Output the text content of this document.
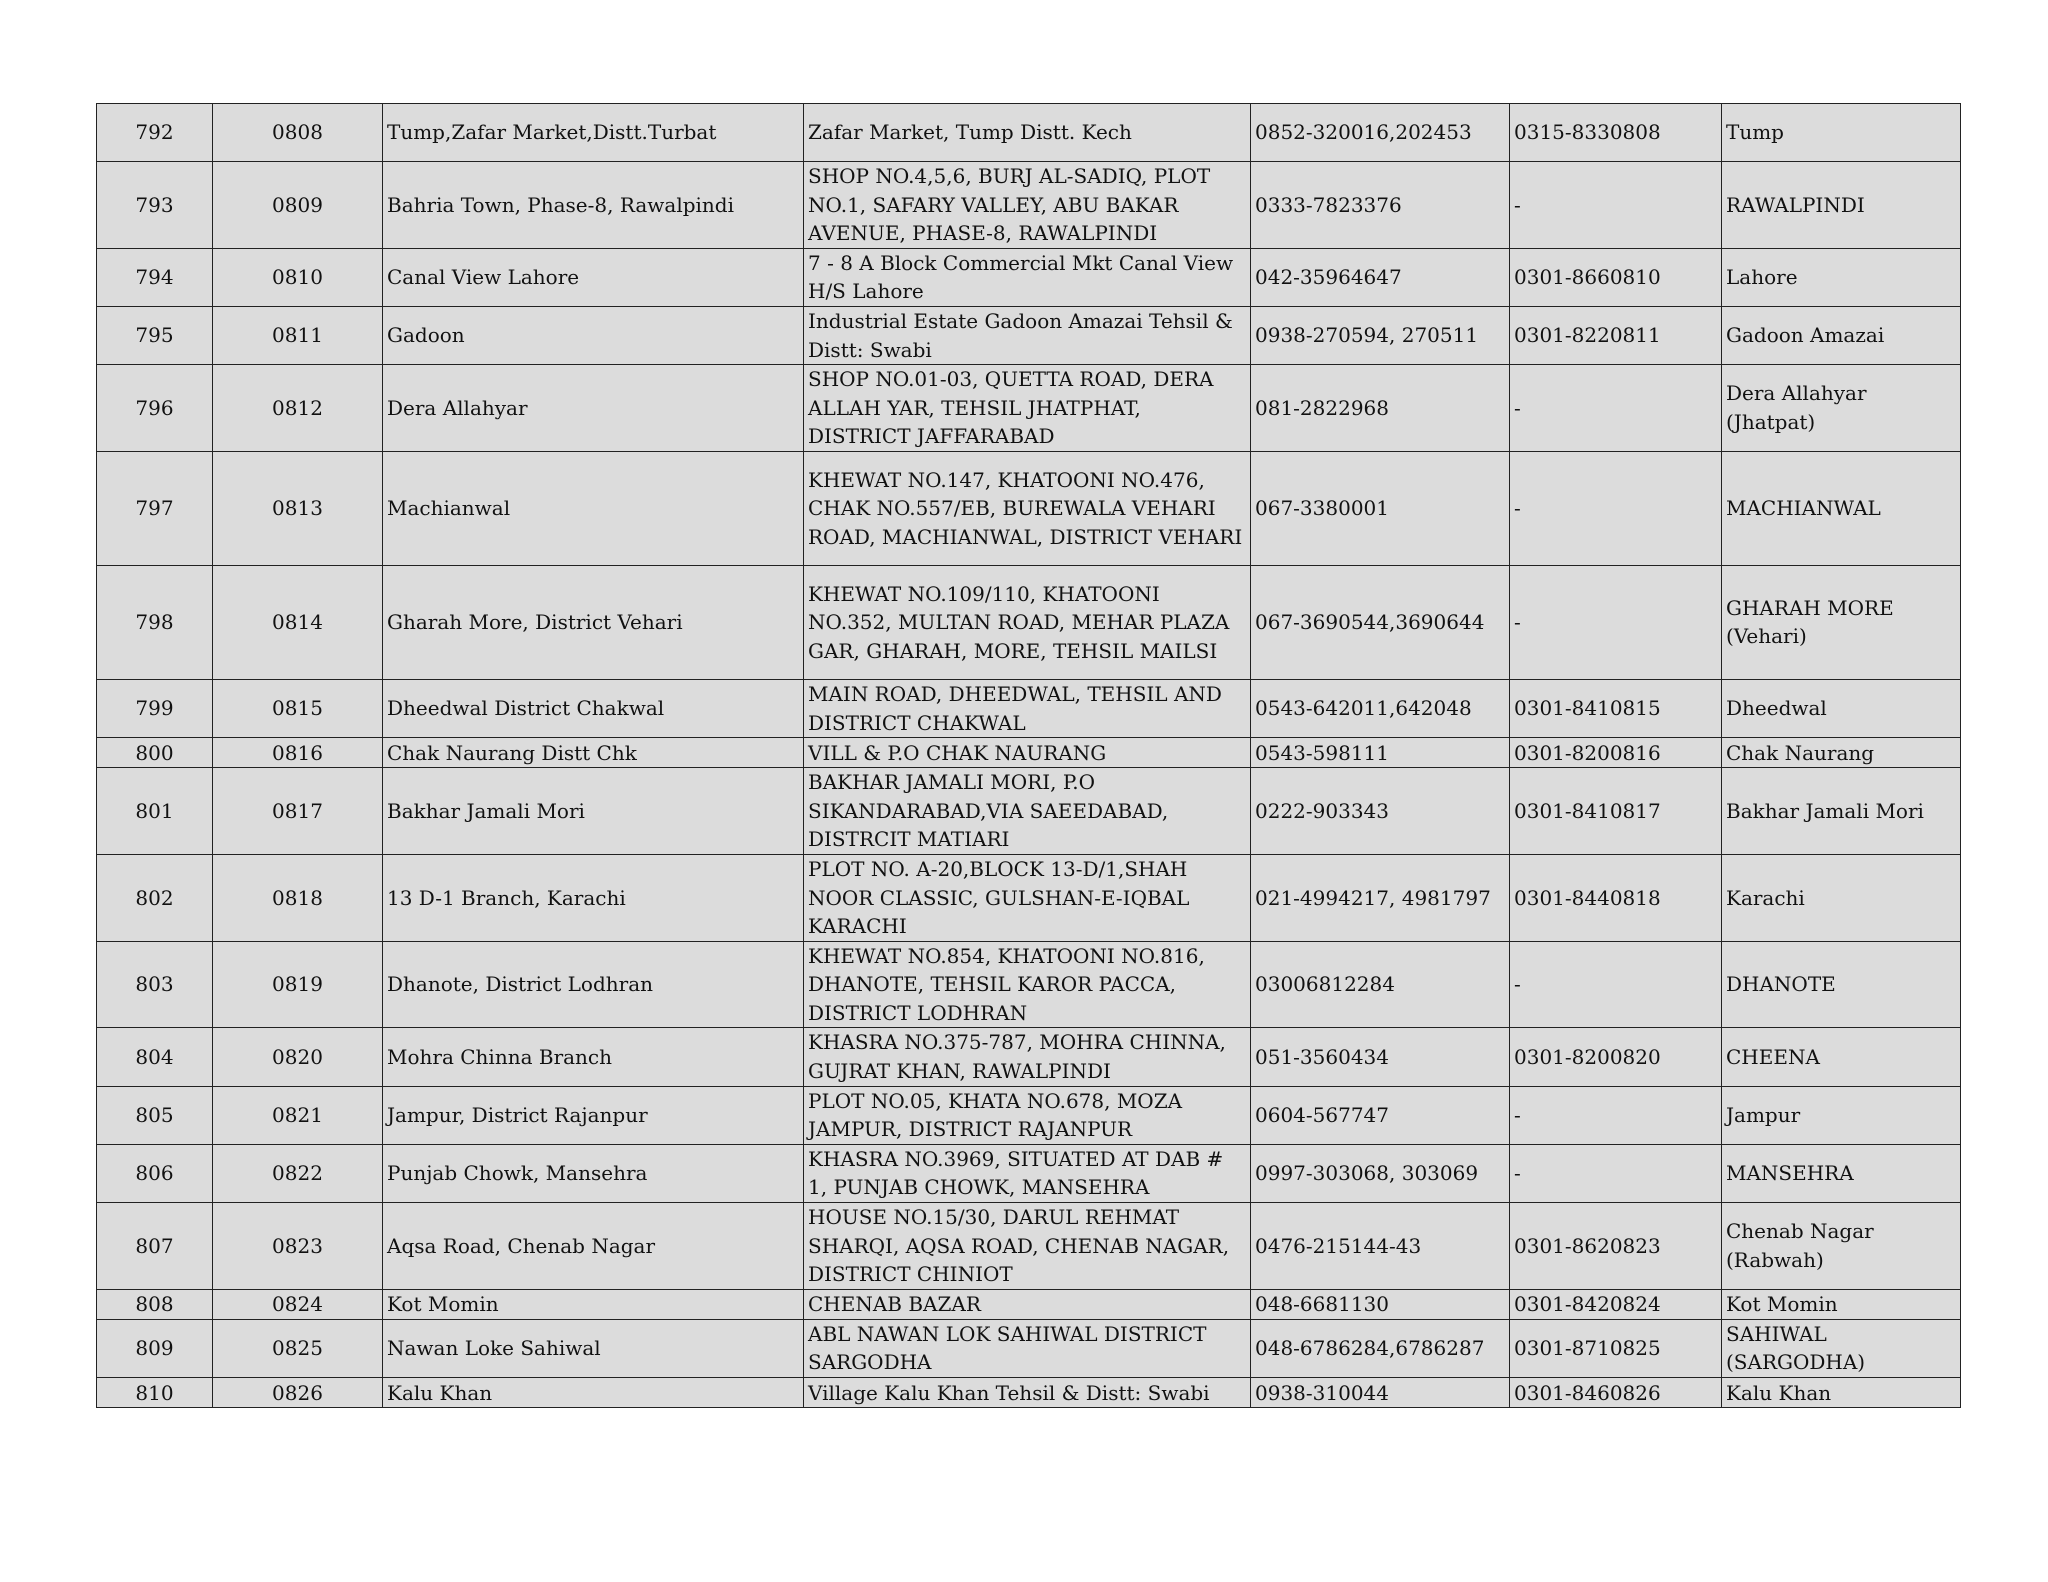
792	0808	Tump,Zafar Market,Distt.Turbat	Zafar Market, Tump Distt. Kech	0852-320016,202453	0315-8330808	Tump
793	0809	Bahria Town, Phase-8, Rawalpindi	SHOP NO.4,5,6, BURJ AL-SADIQ, PLOT NO.1, SAFARY VALLEY, ABU BAKAR AVENUE, PHASE-8, RAWALPINDI	0333-7823376	-	RAWALPINDI
794	0810	Canal View Lahore	7 - 8 A Block Commercial Mkt Canal View H/S Lahore	042-35964647	0301-8660810	Lahore
795	0811	Gadoon	Industrial Estate Gadoon Amazai Tehsil & Distt: Swabi	0938-270594, 270511	0301-8220811	Gadoon Amazai
796	0812	Dera Allahyar	SHOP NO.01-03, QUETTA ROAD, DERA ALLAH YAR, TEHSIL JHATPHAT, DISTRICT JAFFARABAD	081-2822968	-	Dera Allahyar (Jhatpat)
797	0813	Machianwal	KHEWAT NO.147, KHATOONI NO.476, CHAK NO.557/EB, BUREWALA VEHARI ROAD, MACHIANWAL, DISTRICT VEHARI	067-3380001	-	MACHIANWAL
798	0814	Gharah More, District Vehari	KHEWAT NO.109/110, KHATOONI NO.352, MULTAN ROAD, MEHAR PLAZA GAR, GHARAH, MORE, TEHSIL MAILSI	067-3690544,3690644	-	GHARAH MORE (Vehari)
799	0815	Dheedwal District Chakwal	MAIN ROAD, DHEEDWAL, TEHSIL AND DISTRICT CHAKWAL	0543-642011,642048	0301-8410815	Dheedwal
800	0816	Chak Naurang Distt Chk	VILL & P.O CHAK NAURANG	0543-598111	0301-8200816	Chak Naurang
801	0817	Bakhar Jamali Mori	BAKHAR JAMALI MORI, P.O SIKANDARABAD,VIA SAEEDABAD, DISTRCIT MATIARI	0222-903343	0301-8410817	Bakhar Jamali Mori
802	0818	13 D-1 Branch, Karachi	PLOT NO. A-20,BLOCK 13-D/1,SHAH NOOR CLASSIC, GULSHAN-E-IQBAL KARACHI	021-4994217, 4981797	0301-8440818	Karachi
803	0819	Dhanote, District Lodhran	KHEWAT NO.854, KHATOONI NO.816, DHANOTE, TEHSIL KAROR PACCA, DISTRICT LODHRAN	03006812284	-	DHANOTE
804	0820	Mohra Chinna Branch	KHASRA NO.375-787, MOHRA CHINNA, GUJRAT KHAN, RAWALPINDI	051-3560434	0301-8200820	CHEENA
805	0821	Jampur, District Rajanpur	PLOT NO.05, KHATA NO.678, MOZA JAMPUR, DISTRICT RAJANPUR	0604-567747	-	Jampur
806	0822	Punjab Chowk, Mansehra	KHASRA NO.3969, SITUATED AT DAB # 1, PUNJAB CHOWK, MANSEHRA	0997-303068, 303069	-	MANSEHRA
807	0823	Aqsa Road, Chenab Nagar	HOUSE NO.15/30, DARUL REHMAT SHARQI, AQSA ROAD, CHENAB NAGAR, DISTRICT CHINIOT	0476-215144-43	0301-8620823	Chenab Nagar (Rabwah)
808	0824	Kot Momin	CHENAB BAZAR	048-6681130	0301-8420824	Kot Momin
809	0825	Nawan Loke Sahiwal	ABL NAWAN LOK SAHIWAL DISTRICT SARGODHA	048-6786284,6786287	0301-8710825	SAHIWAL (SARGODHA)
810	0826	Kalu Khan	Village Kalu Khan Tehsil & Distt: Swabi	0938-310044	0301-8460826	Kalu Khan
